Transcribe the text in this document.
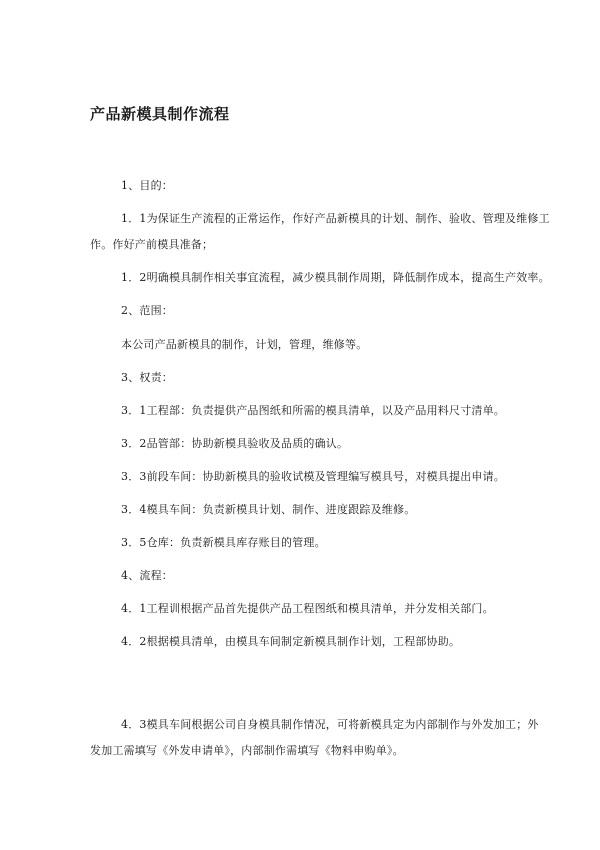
产品新模具制作流程
1、目的：
1．1为保证生产流程的正常运作，作好产品新模具的计划、制作、验收、管理及维修工
作。作好产前模具准备；
1．2明确模具制作相关事宜流程，减少模具制作周期，降低制作成本，提高生产效率。
2、范围：
本公司产品新模具的制作，计划，管理，维修等。
3、权责：
3．1工程部：负责提供产品图纸和所需的模具清单，以及产品用料尺寸清单。
3．2品管部：协助新模具验收及品质的确认。
3．3前段车间：协助新模具的验收试模及管理编写模具号，对模具提出申请。
3．4模具车间：负责新模具计划、制作、进度跟踪及维修。
3．5仓库：负责新模具库存账目的管理。
4、流程：
4．1工程训根据产品首先提供产品工程图纸和模具清单，并分发相关部门。
4．2根据模具清单，由模具车间制定新模具制作计划，工程部协助。
4．3模具车间根据公司自身模具制作情况，可将新模具定为内部制作与外发加工；外
发加工需填写《外发申请单》，内部制作需填写《物料申购单》。
